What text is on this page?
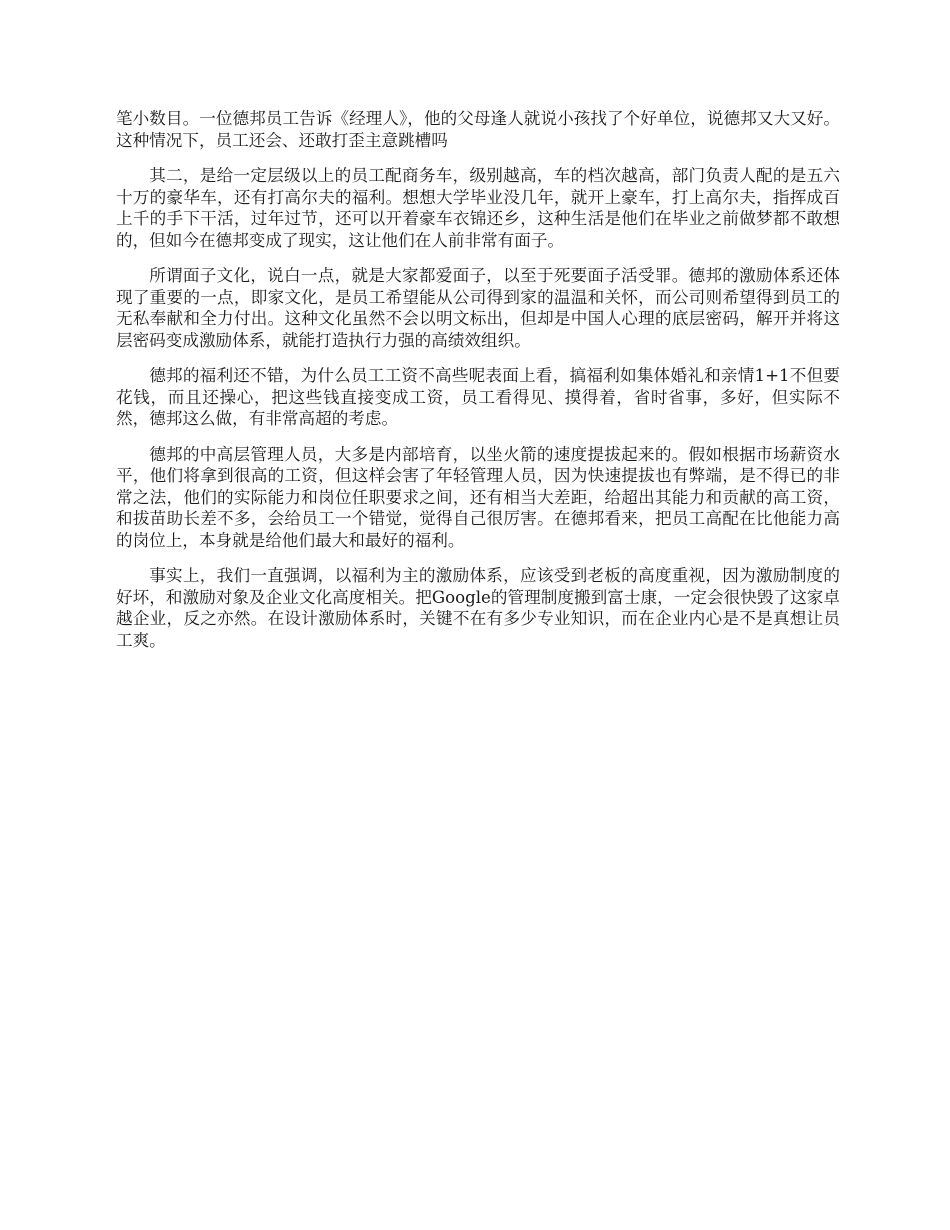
笔小数目。一位德邦员工告诉《经理人》，他的父母逢人就说小孩找了个好单位，说德邦又大又好。这种情况下，员工还会、还敢打歪主意跳槽吗

其二，是给一定层级以上的员工配商务车，级别越高，车的档次越高，部门负责人配的是五六十万的豪华车，还有打高尔夫的福利。想想大学毕业没几年，就开上豪车，打上高尔夫，指挥成百上千的手下干活，过年过节，还可以开着豪车衣锦还乡，这种生活是他们在毕业之前做梦都不敢想的，但如今在德邦变成了现实，这让他们在人前非常有面子。

所谓面子文化，说白一点，就是大家都爱面子，以至于死要面子活受罪。德邦的激励体系还体现了重要的一点，即家文化，是员工希望能从公司得到家的温温和关怀，而公司则希望得到员工的无私奉献和全力付出。这种文化虽然不会以明文标出，但却是中国人心理的底层密码，解开并将这层密码变成激励体系，就能打造执行力强的高绩效组织。

德邦的福利还不错，为什么员工工资不高些呢表面上看，搞福利如集体婚礼和亲情1+1不但要花钱，而且还操心，把这些钱直接变成工资，员工看得见、摸得着，省时省事，多好，但实际不然，德邦这么做，有非常高超的考虑。

德邦的中高层管理人员，大多是内部培育，以坐火箭的速度提拔起来的。假如根据市场薪资水平，他们将拿到很高的工资，但这样会害了年轻管理人员，因为快速提拔也有弊端，是不得已的非常之法，他们的实际能力和岗位任职要求之间，还有相当大差距，给超出其能力和贡献的高工资，和拔苗助长差不多，会给员工一个错觉，觉得自己很厉害。在德邦看来，把员工高配在比他能力高的岗位上，本身就是给他们最大和最好的福利。

事实上，我们一直强调，以福利为主的激励体系，应该受到老板的高度重视，因为激励制度的好坏，和激励对象及企业文化高度相关。把Google的管理制度搬到富士康，一定会很快毁了这家卓越企业，反之亦然。在设计激励体系时，关键不在有多少专业知识，而在企业内心是不是真想让员工爽。
